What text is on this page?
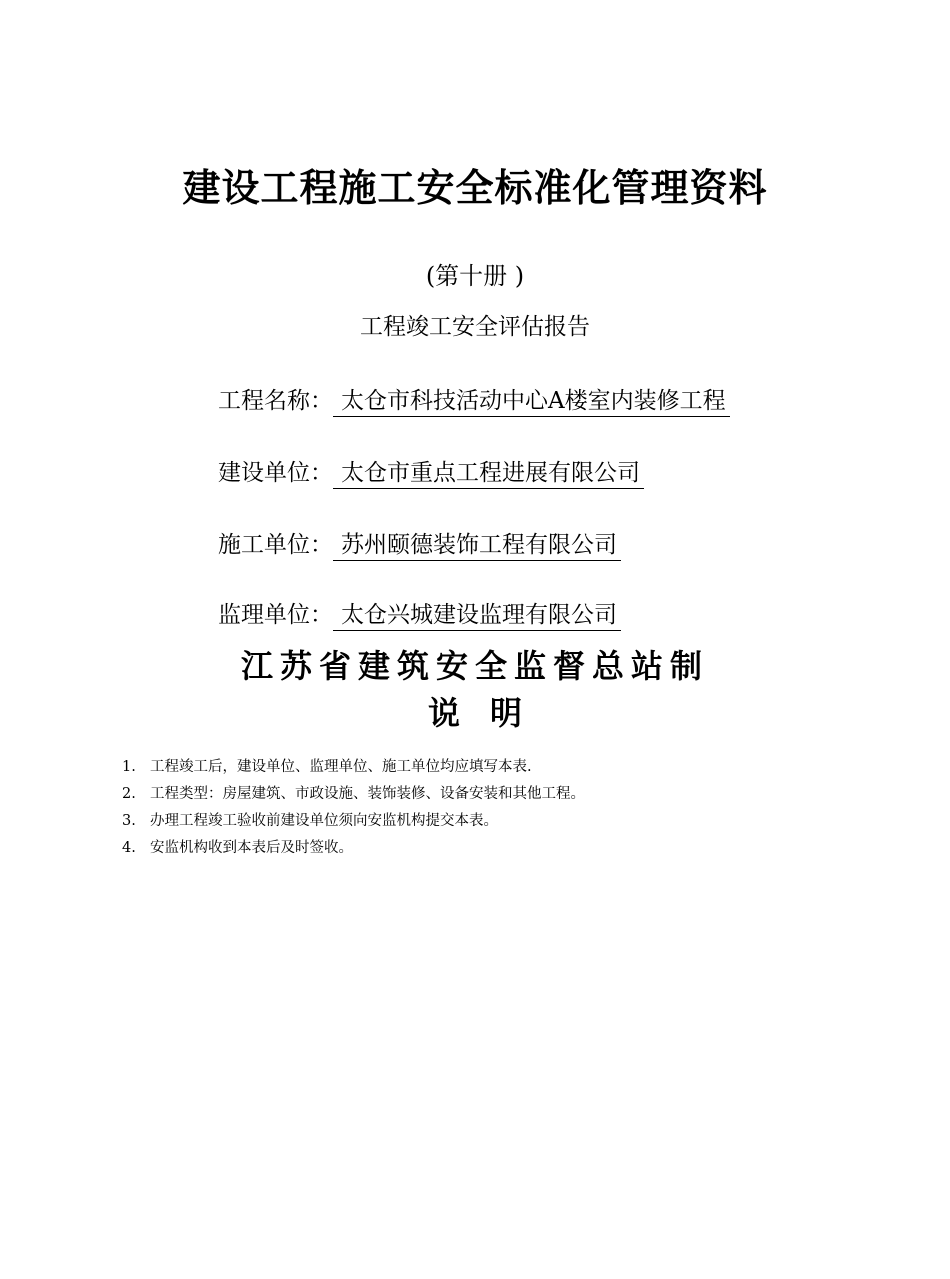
建设工程施工安全标准化管理资料
(第十册 )
工程竣工安全评估报告
工程名称： 太仓市科技活动中心A楼室内装修工程
建设单位： 太仓市重点工程进展有限公司
施工单位： 苏州颐德装饰工程有限公司
监理单位： 太仓兴城建设监理有限公司
江苏省建筑安全监督总站制
说明
1. 工程竣工后，建设单位、监理单位、施工单位均应填写本表.
2. 工程类型：房屋建筑、市政设施、装饰装修、设备安装和其他工程。
3. 办理工程竣工验收前建设单位须向安监机构提交本表。
4. 安监机构收到本表后及时签收。
